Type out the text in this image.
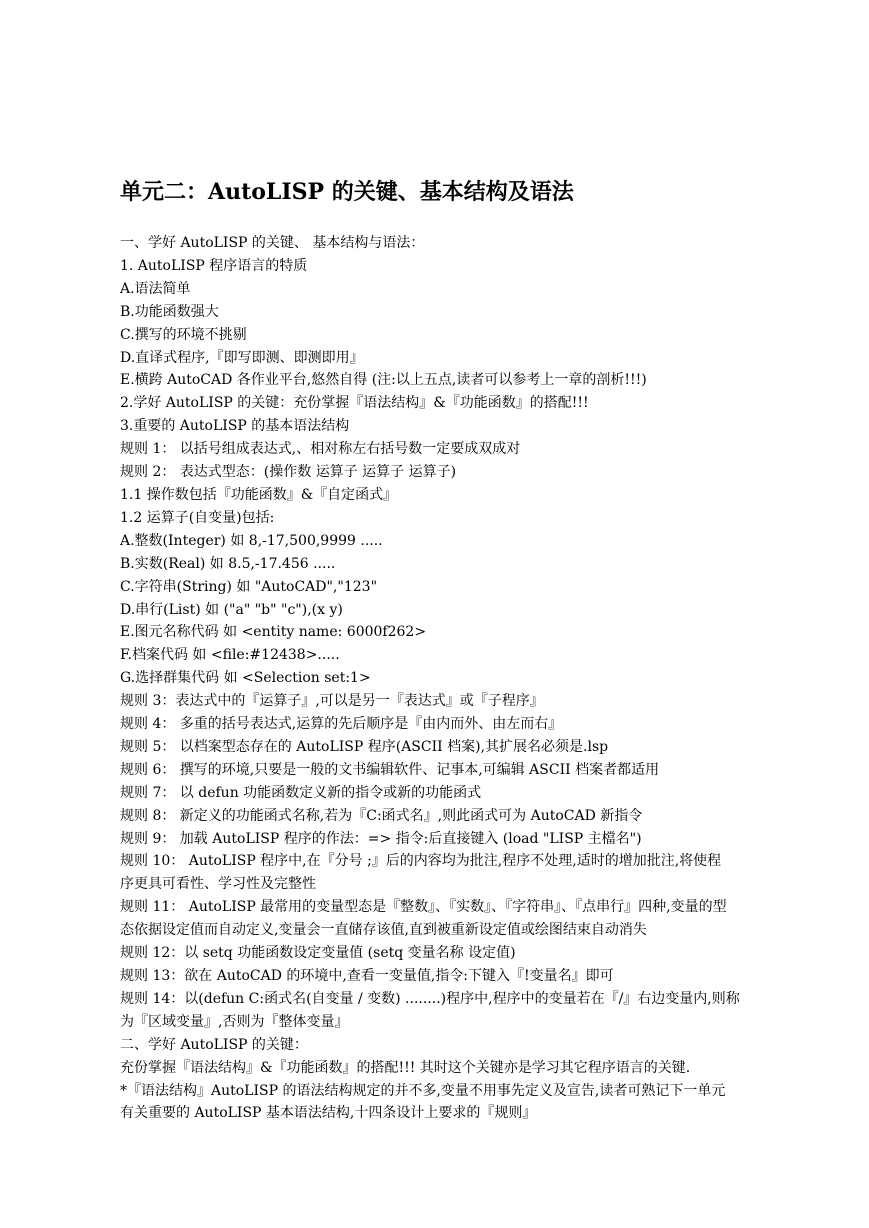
单元二：AutoLISP 的关键、基本结构及语法
一、学好 AutoLISP 的关键、 基本结构与语法：
1. AutoLISP 程序语言的特质
A.语法简单
B.功能函数强大
C.撰写的环境不挑剔
D.直译式程序,『即写即测、即测即用』
E.横跨 AutoCAD 各作业平台,悠然自得 (注:以上五点,读者可以参考上一章的剖析!!!)
2.学好 AutoLISP 的关键：充份掌握『语法结构』&『功能函数』的搭配!!!
3.重要的 AutoLISP 的基本语法结构
规则 1： 以括号组成表达式,、相对称左右括号数一定要成双成对
规则 2： 表达式型态：(操作数 运算子 运算子 运算子)
1.1 操作数包括『功能函数』&『自定函式』
1.2 运算子(自变量)包括:
A.整数(Integer) 如 8,-17,500,9999 .....
B.实数(Real) 如 8.5,-17.456 .....
C.字符串(String) 如 "AutoCAD","123"
D.串行(List) 如 ("a" "b" "c"),(x y)
E.图元名称代码 如 <entity name: 6000f262>
F.档案代码 如 <file:#12438>.....
G.选择群集代码 如 <Selection set:1>
规则 3：表达式中的『运算子』,可以是另一『表达式』或『子程序』
规则 4： 多重的括号表达式,运算的先后顺序是『由内而外、由左而右』
规则 5： 以档案型态存在的 AutoLISP 程序(ASCII 档案),其扩展名必须是.lsp
规则 6： 撰写的环境,只要是一般的文书编辑软件、记事本,可编辑 ASCII 档案者都适用
规则 7： 以 defun 功能函数定义新的指令或新的功能函式
规则 8： 新定义的功能函式名称,若为『C:函式名』,则此函式可为 AutoCAD 新指令
规则 9： 加载 AutoLISP 程序的作法：=> 指令:后直接键入 (load "LISP 主檔名")
规则 10： AutoLISP 程序中,在『分号 ;』后的内容均为批注,程序不处理,适时的增加批注,将使程
序更具可看性、学习性及完整性
规则 11： AutoLISP 最常用的变量型态是『整数』、『实数』、『字符串』、『点串行』四种,变量的型
态依据设定值而自动定义,变量会一直储存该值,直到被重新设定值或绘图结束自动消失
规则 12：以 setq 功能函数设定变量值 (setq 变量名称 设定值)
规则 13：欲在 AutoCAD 的环境中,查看一变量值,指令:下键入『!变量名』即可
规则 14：以(defun C:函式名(自变量 / 变数) ........)程序中,程序中的变量若在『/』右边变量内,则称
为『区域变量』,否则为『整体变量』
二、学好 AutoLISP 的关键：
充份掌握『语法结构』&『功能函数』的搭配!!! 其时这个关键亦是学习其它程序语言的关键.
*『语法结构』AutoLISP 的语法结构规定的并不多,变量不用事先定义及宣告,读者可熟记下一单元
有关重要的 AutoLISP 基本语法结构,十四条设计上要求的『规则』
